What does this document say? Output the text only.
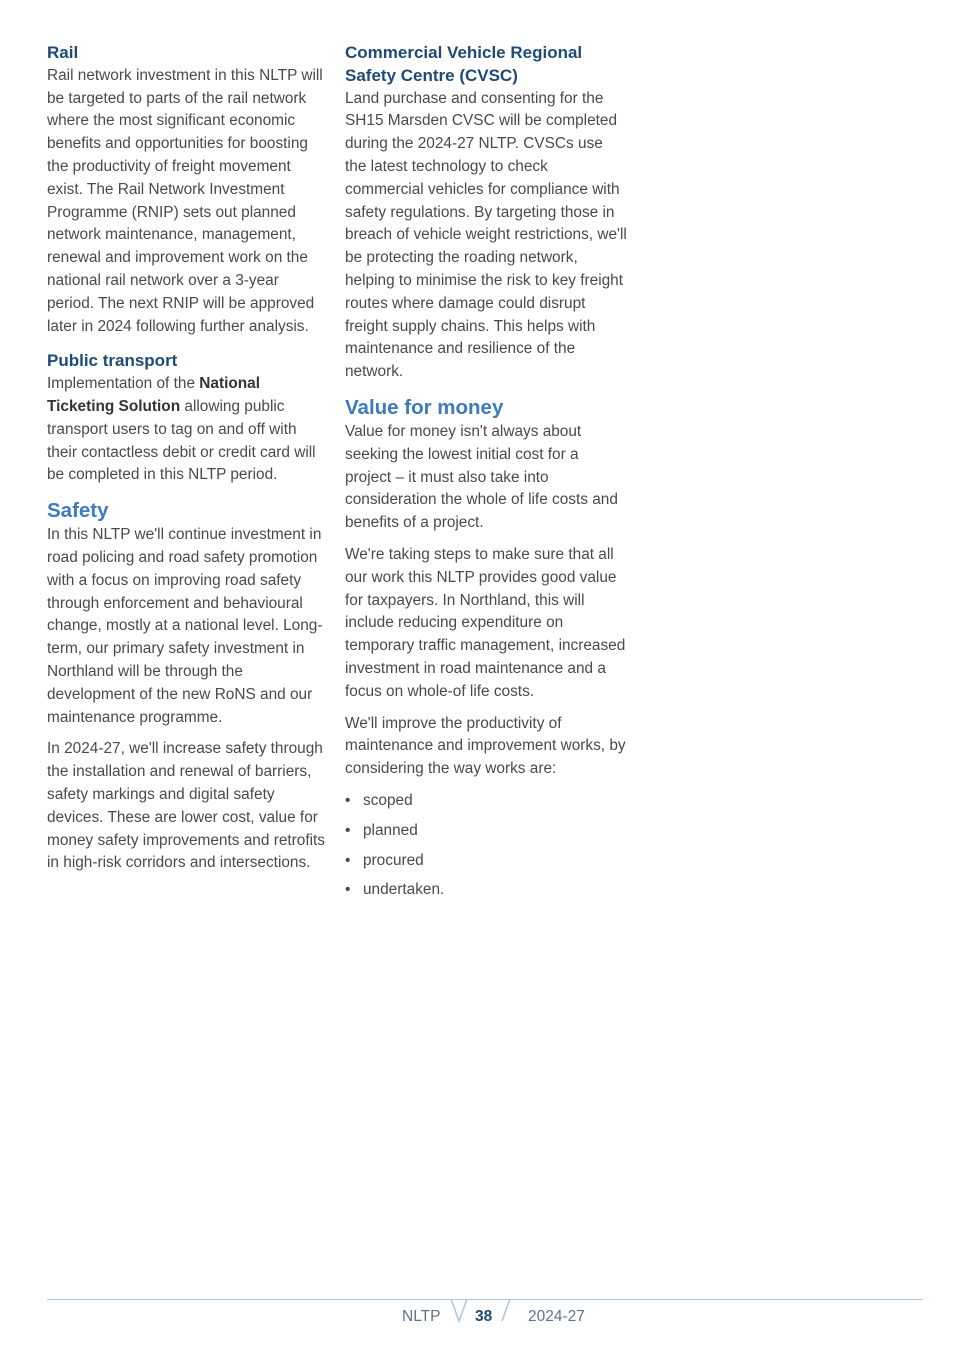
Rail

Rail network investment in this NLTP will be targeted to parts of the rail network where the most significant economic benefits and opportunities for boosting the productivity of freight movement exist. The Rail Network Investment Programme (RNIP) sets out planned network maintenance, management, renewal and improvement work on the national rail network over a 3-year period. The next RNIP will be approved later in 2024 following further analysis.

Public transport

Implementation of the National Ticketing Solution allowing public transport users to tag on and off with their contactless debit or credit card will be completed in this NLTP period.

Safety

In this NLTP we'll continue investment in road policing and road safety promotion with a focus on improving road safety through enforcement and behavioural change, mostly at a national level. Long-term, our primary safety investment in Northland will be through the development of the new RoNS and our maintenance programme.

In 2024-27, we'll increase safety through the installation and renewal of barriers, safety markings and digital safety devices. These are lower cost, value for money safety improvements and retrofits in high-risk corridors and intersections.

Commercial Vehicle Regional
Safety Centre (CVSC)

Land purchase and consenting for the SH15 Marsden CVSC will be completed during the 2024-27 NLTP. CVSCs use the latest technology to check commercial vehicles for compliance with safety regulations. By targeting those in breach of vehicle weight restrictions, we'll be protecting the roading network, helping to minimise the risk to key freight routes where damage could disrupt freight supply chains. This helps with maintenance and resilience of the network.

Value for money

Value for money isn't always about seeking the lowest initial cost for a project – it must also take into consideration the whole of life costs and benefits of a project.

We're taking steps to make sure that all our work this NLTP provides good value for taxpayers. In Northland, this will include reducing expenditure on temporary traffic management, increased investment in road maintenance and a focus on whole-of life costs.

We'll improve the productivity of maintenance and improvement works, by considering the way works are:

• scoped
• planned
• procured
• undertaken.
NLTP 38 2024-27
